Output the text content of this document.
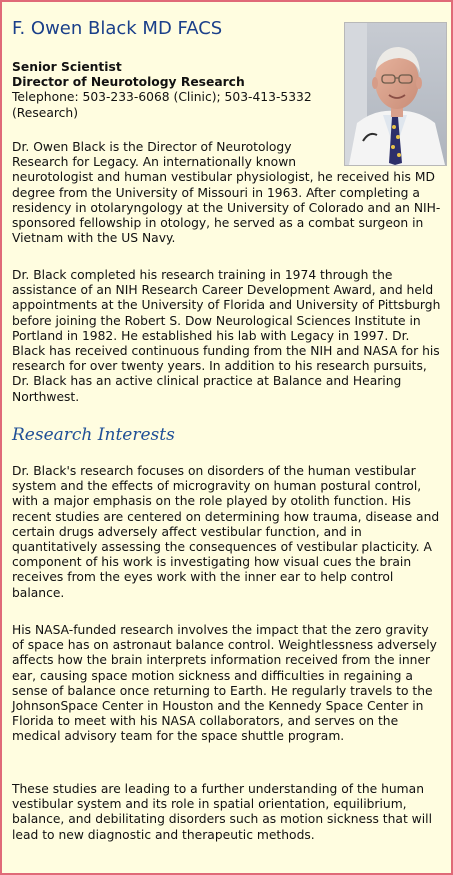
F. Owen Black MD FACS
Senior Scientist
Director of Neurotology Research
Telephone: 503-233-6068 (Clinic); 503-413-5332
(Research)

Dr. Owen Black is the Director of Neurotology Research for Legacy. An internationally known neurotologist and human vestibular physiologist, he received his MD degree from the University of Missouri in 1963. After completing a residency in otolaryngology at the University of Colorado and an NIH-sponsored fellowship in otology, he served as a combat surgeon in Vietnam with the US Navy.

Dr. Black completed his research training in 1974 through the assistance of an NIH Research Career Development Award, and held appointments at the University of Florida and University of Pittsburgh before joining the Robert S. Dow Neurological Sciences Institute in Portland in 1982. He established his lab with Legacy in 1997. Dr. Black has received continuous funding from the NIH and NASA for his research for over twenty years. In addition to his research pursuits, Dr. Black has an active clinical practice at Balance and Hearing Northwest.

Research Interests

Dr. Black's research focuses on disorders of the human vestibular system and the effects of microgravity on human postural control, with a major emphasis on the role played by otolith function. His recent studies are centered on determining how trauma, disease and certain drugs adversely affect vestibular function, and in quantitatively assessing the consequences of vestibular placticity. A component of his work is investigating how visual cues the brain receives from the eyes work with the inner ear to help control balance.

His NASA-funded research involves the impact that the zero gravity of space has on astronaut balance control. Weightlessness adversely affects how the brain interprets information received from the inner ear, causing space motion sickness and difficulties in regaining a sense of balance once returning to Earth. He regularly travels to the JohnsonSpace Center in Houston and the Kennedy Space Center in Florida to meet with his NASA collaborators, and serves on the medical advisory team for the space shuttle program.

These studies are leading to a further understanding of the human vestibular system and its role in spatial orientation, equilibrium, balance, and debilitating disorders such as motion sickness that will lead to new diagnostic and therapeutic methods.
